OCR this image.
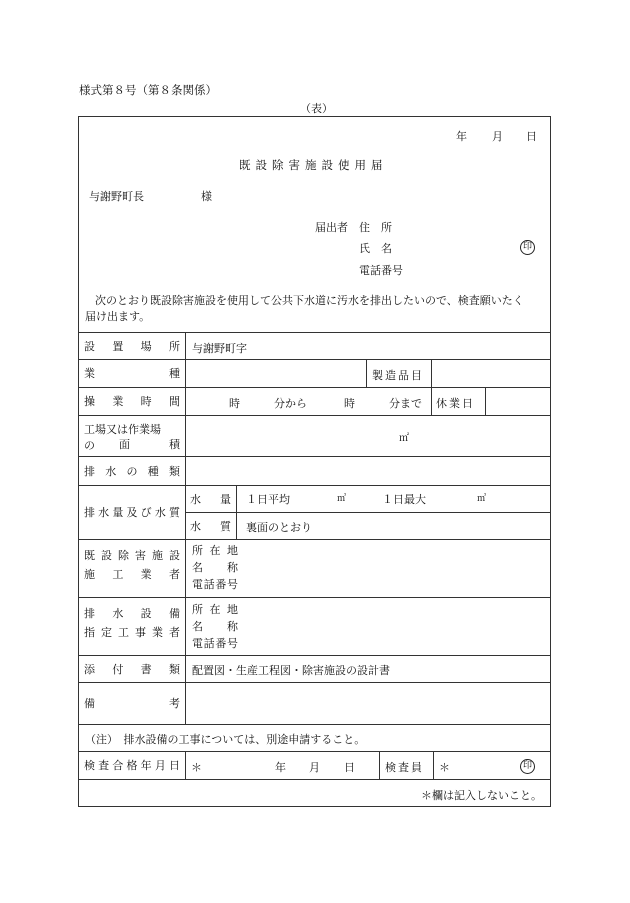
様式第８号（第８条関係）
（表）
年 月 日
既設除害施設使用届
与謝野町長	様
届出者 住　所
氏　名	印
電話番号
次のとおり既設除害施設を使用して公共下水道に汚水を排出したいので、検査願いたく
届け出ます。
設置場所 与謝野町字
業種	製造品目
操業時間	時	分から	時	分まで 休業日
工場又は作業場
の 面積	㎡
排水の種類
排水量及び水質
水量 １日平均	㎥	１日最大	㎥
水質 裏面のとおり
既設除害施設
施工業者
所在地
名称
電話番号
排水設備
指定工事業者
所在地
名称
電話番号
添付書類 配置図・生産工程図・除害施設の設計書
備考
（注）　排水設備の工事については、別途申請すること。
検査合格年月日 ＊	年 月 日	検査員 ＊	印
＊欄は記入しないこと。
